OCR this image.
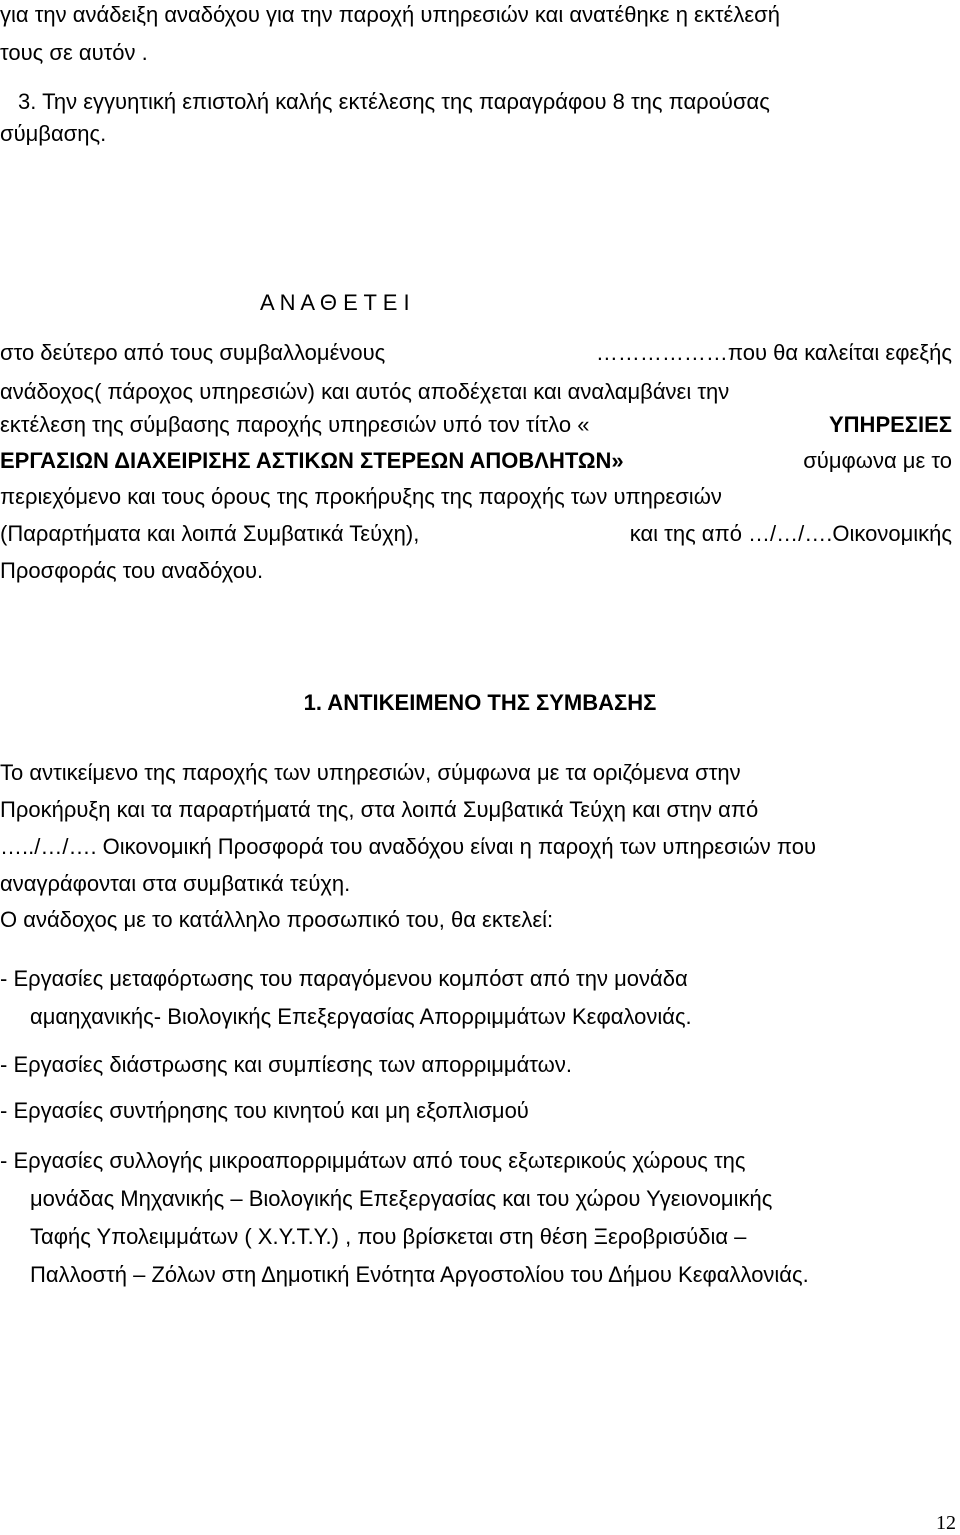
για την ανάδειξη αναδόχου για την παροχή υπηρεσιών και ανατέθηκε η εκτέλεσή
τους σε αυτόν .
3. Την εγγυητική επιστολή καλής εκτέλεσης της παραγράφου 8 της παρούσας
σύμβασης.
Α Ν Α Θ Ε Τ Ε Ι
στο δεύτερο από τους συμβαλλομένους	………………που θα καλείται εφεξής
ανάδοχος( πάροχος υπηρεσιών) και αυτός αποδέχεται και αναλαμβάνει την
εκτέλεση της σύμβασης παροχής υπηρεσιών υπό τον τίτλο «	ΥΠΗΡΕΣΙΕΣ
ΕΡΓΑΣΙΩΝ ΔΙΑΧΕΙΡΙΣΗΣ ΑΣΤΙΚΩΝ ΣΤΕΡΕΩΝ ΑΠΟΒΛΗΤΩΝ»	σύμφωνα με το
περιεχόμενο και τους όρους της προκήρυξης της παροχής των υπηρεσιών
(Παραρτήματα και λοιπά Συμβατικά Τεύχη),	και της από …/…/….Οικονομικής
Προσφοράς του αναδόχου.
1. ΑΝΤΙΚΕΙΜΕΝΟ ΤΗΣ ΣΥΜΒΑΣΗΣ
Το αντικείμενο της παροχής των υπηρεσιών, σύμφωνα με τα οριζόμενα στην
Προκήρυξη και τα παραρτήματά της, στα λοιπά Συμβατικά Τεύχη και στην από
…../…/…. Οικονομική Προσφορά του αναδόχου είναι η παροχή των υπηρεσιών που
αναγράφονται στα συμβατικά τεύχη.
Ο ανάδοχος με το κατάλληλο προσωπικό του, θα εκτελεί:
- Εργασίες μεταφόρτωσης του παραγόμενου κομπόστ από την μονάδα
αμαηχανικής- Βιολογικής Επεξεργασίας Απορριμμάτων Κεφαλονιάς.
- Εργασίες διάστρωσης και συμπίεσης των απορριμμάτων.
- Εργασίες συντήρησης του κινητού και μη εξοπλισμού
- Εργασίες συλλογής μικροαπορριμμάτων από τους εξωτερικούς χώρους της
μονάδας Μηχανικής – Βιολογικής Επεξεργασίας και του χώρου Υγειονομικής
Ταφής Υπολειμμάτων ( Χ.Υ.Τ.Υ.) , που βρίσκεται στη θέση Ξεροβρισύδια –
Παλλοστή – Ζόλων στη Δημοτική Ενότητα Αργοστολίου του Δήμου Κεφαλλονιάς.
12
